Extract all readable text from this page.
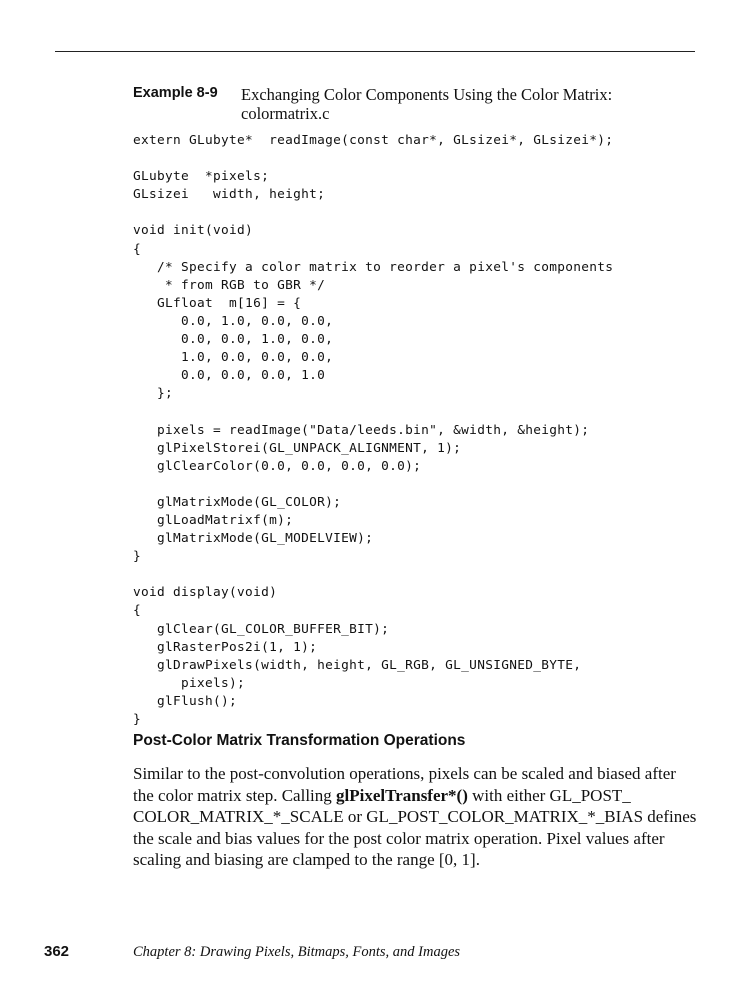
Example 8-9 Exchanging Color Components Using the Color Matrix: colormatrix.c
extern GLubyte*  readImage(const char*, GLsizei*, GLsizei*);

GLubyte  *pixels;
GLsizei   width, height;

void init(void)
{
/* Specify a color matrix to reorder a pixel's components
* from RGB to GBR */
GLfloat  m[16] = {
0.0, 1.0, 0.0, 0.0,
0.0, 0.0, 1.0, 0.0,
1.0, 0.0, 0.0, 0.0,
0.0, 0.0, 0.0, 1.0
};

pixels = readImage("Data/leeds.bin", &width, &height);
glPixelStorei(GL_UNPACK_ALIGNMENT, 1);
glClearColor(0.0, 0.0, 0.0, 0.0);

glMatrixMode(GL_COLOR);
glLoadMatrixf(m);
glMatrixMode(GL_MODELVIEW);
}

void display(void)
{
glClear(GL_COLOR_BUFFER_BIT);
glRasterPos2i(1, 1);
glDrawPixels(width, height, GL_RGB, GL_UNSIGNED_BYTE,
pixels);
glFlush();
}

Post-Color Matrix Transformation Operations

Similar to the post-convolution operations, pixels can be scaled and biased after the color matrix step. Calling glPixelTransfer*() with either GL_POST_ COLOR_MATRIX_*_SCALE or GL_POST_COLOR_MATRIX_*_BIAS defines the scale and bias values for the post color matrix operation. Pixel values after scaling and biasing are clamped to the range [0, 1].

362	Chapter 8: Drawing Pixels, Bitmaps, Fonts, and Images
